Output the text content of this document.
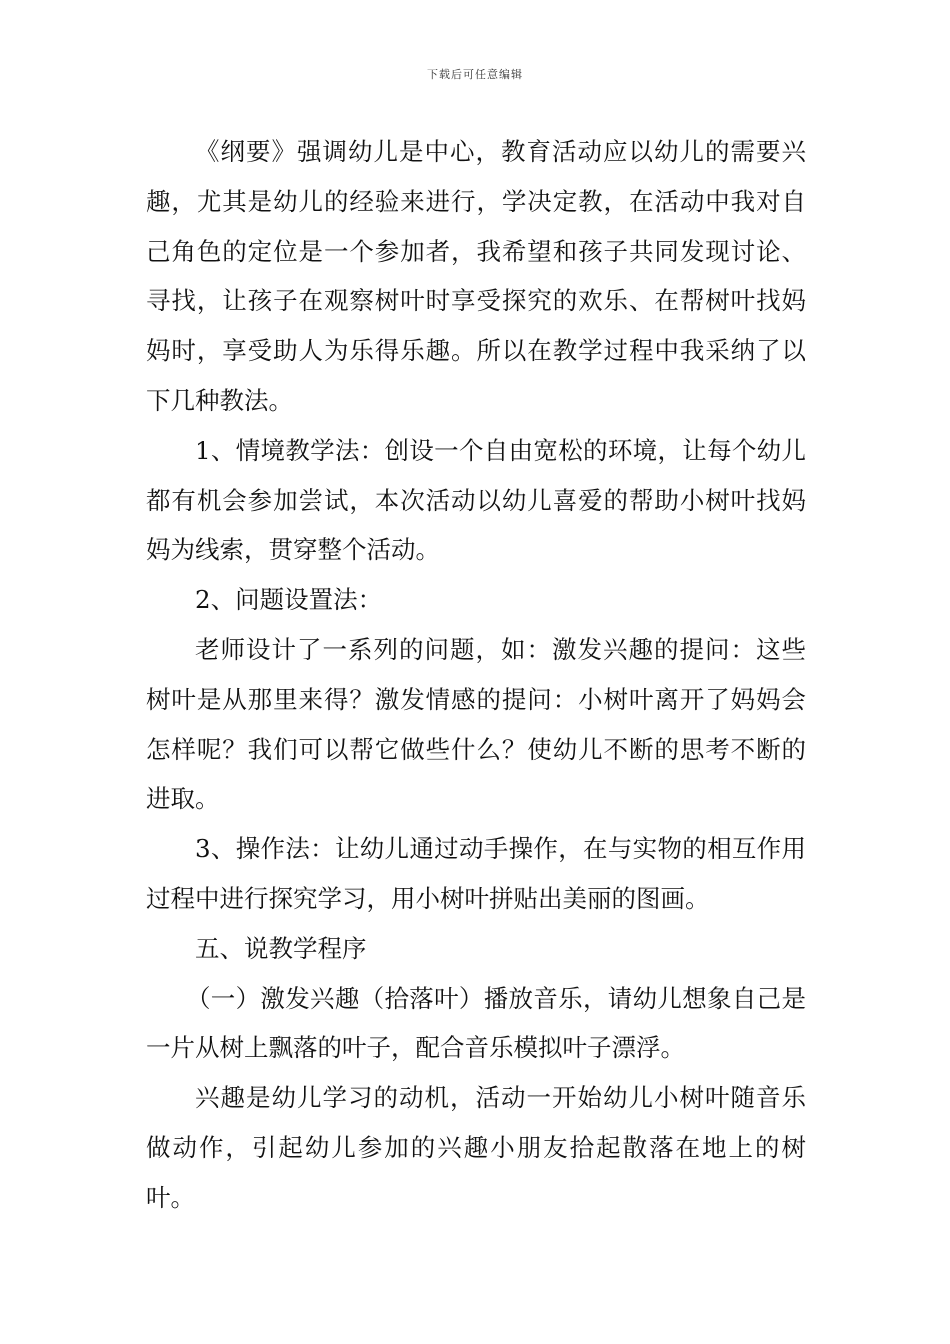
下载后可任意编辑

《纲要》强调幼儿是中心，教育活动应以幼儿的需要兴趣，尤其是幼儿的经验来进行，学决定教，在活动中我对自己角色的定位是一个参加者，我希望和孩子共同发现讨论、寻找，让孩子在观察树叶时享受探究的欢乐、在帮树叶找妈妈时，享受助人为乐得乐趣。所以在教学过程中我采纳了以下几种教法。

1、情境教学法：创设一个自由宽松的环境，让每个幼儿都有机会参加尝试，本次活动以幼儿喜爱的帮助小树叶找妈妈为线索，贯穿整个活动。

2、问题设置法：

老师设计了一系列的问题，如：激发兴趣的提问：这些树叶是从那里来得？激发情感的提问：小树叶离开了妈妈会怎样呢？我们可以帮它做些什么？使幼儿不断的思考不断的进取。

3、操作法：让幼儿通过动手操作，在与实物的相互作用过程中进行探究学习，用小树叶拼贴出美丽的图画。

五、说教学程序

（一）激发兴趣（拾落叶）播放音乐，请幼儿想象自己是一片从树上飘落的叶子，配合音乐模拟叶子漂浮。

兴趣是幼儿学习的动机，活动一开始幼儿小树叶随音乐做动作，引起幼儿参加的兴趣小朋友拾起散落在地上的树叶。
